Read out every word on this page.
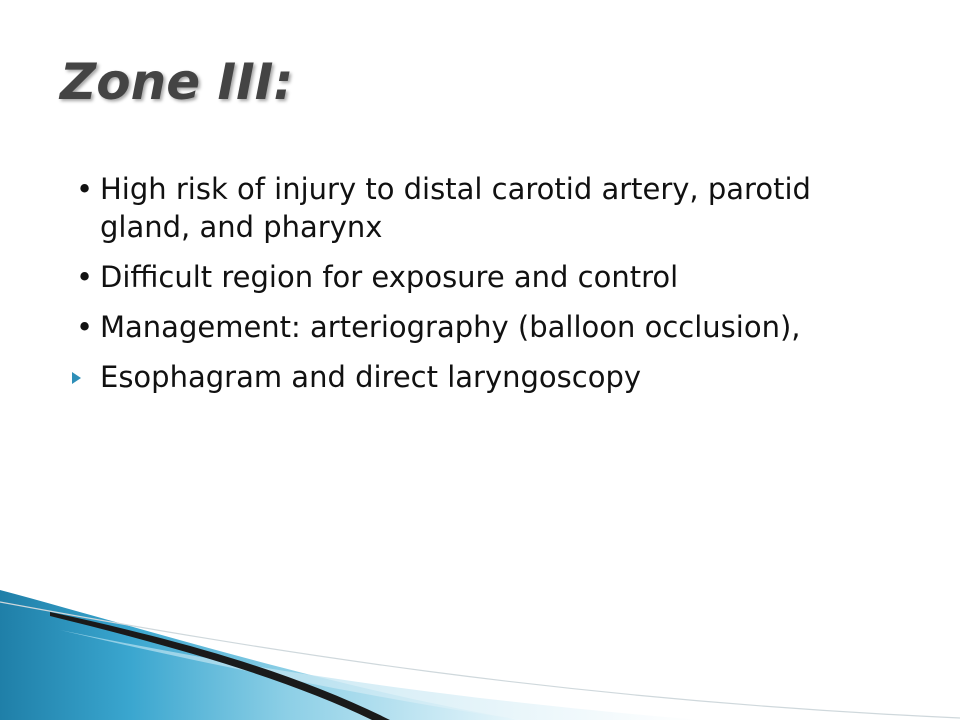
Zone III:
• High risk of injury to distal carotid artery, parotid gland, and pharynx
• Difficult region for exposure and control
• Management: arteriography (balloon occlusion),
Esophagram and direct laryngoscopy
